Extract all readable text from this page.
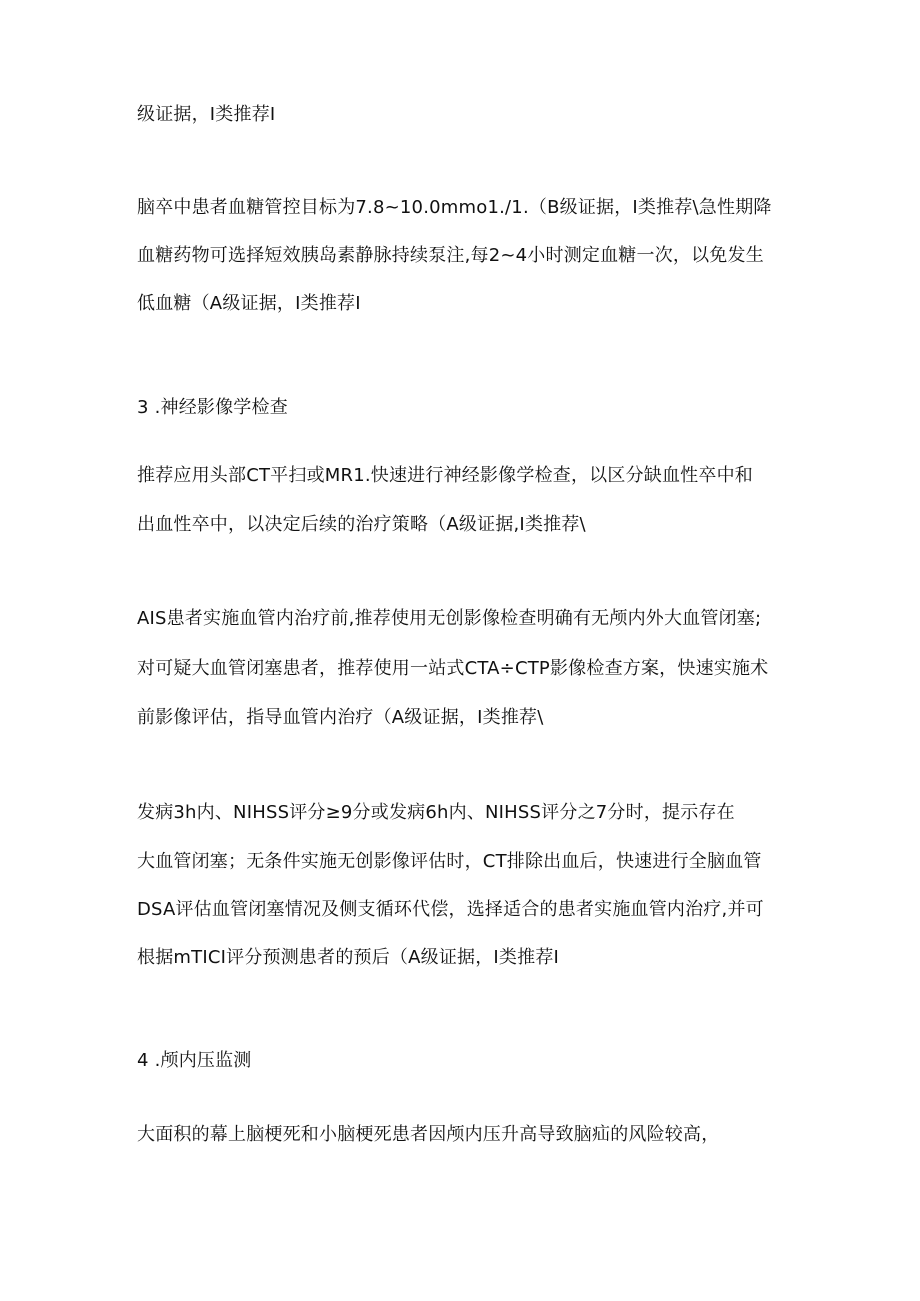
级证据，I类推荐I
脑卒中患者血糖管控目标为7.8~10.0mmo1./1.（B级证据，I类推荐\急性期降
血糖药物可选择短效胰岛素静脉持续泵注,每2~4小时测定血糖一次，以免发生
低血糖（A级证据，I类推荐I
3 .神经影像学检查
推荐应用头部CT平扫或MR1.快速进行神经影像学检查，以区分缺血性卒中和
出血性卒中，以决定后续的治疗策略（A级证据,I类推荐\
AIS患者实施血管内治疗前,推荐使用无创影像检查明确有无颅内外大血管闭塞;
对可疑大血管闭塞患者，推荐使用一站式CTA÷CTP影像检查方案，快速实施术
前影像评估，指导血管内治疗（A级证据，I类推荐\
发病3h内、NIHSS评分≥9分或发病6h内、NIHSS评分之7分时，提示存在
大血管闭塞；无条件实施无创影像评估时，CT排除出血后，快速进行全脑血管
DSA评估血管闭塞情况及侧支循环代偿，选择适合的患者实施血管内治疗,并可
根据mTICI评分预测患者的预后（A级证据，I类推荐I
4 .颅内压监测
大面积的幕上脑梗死和小脑梗死患者因颅内压升高导致脑疝的风险较高，
